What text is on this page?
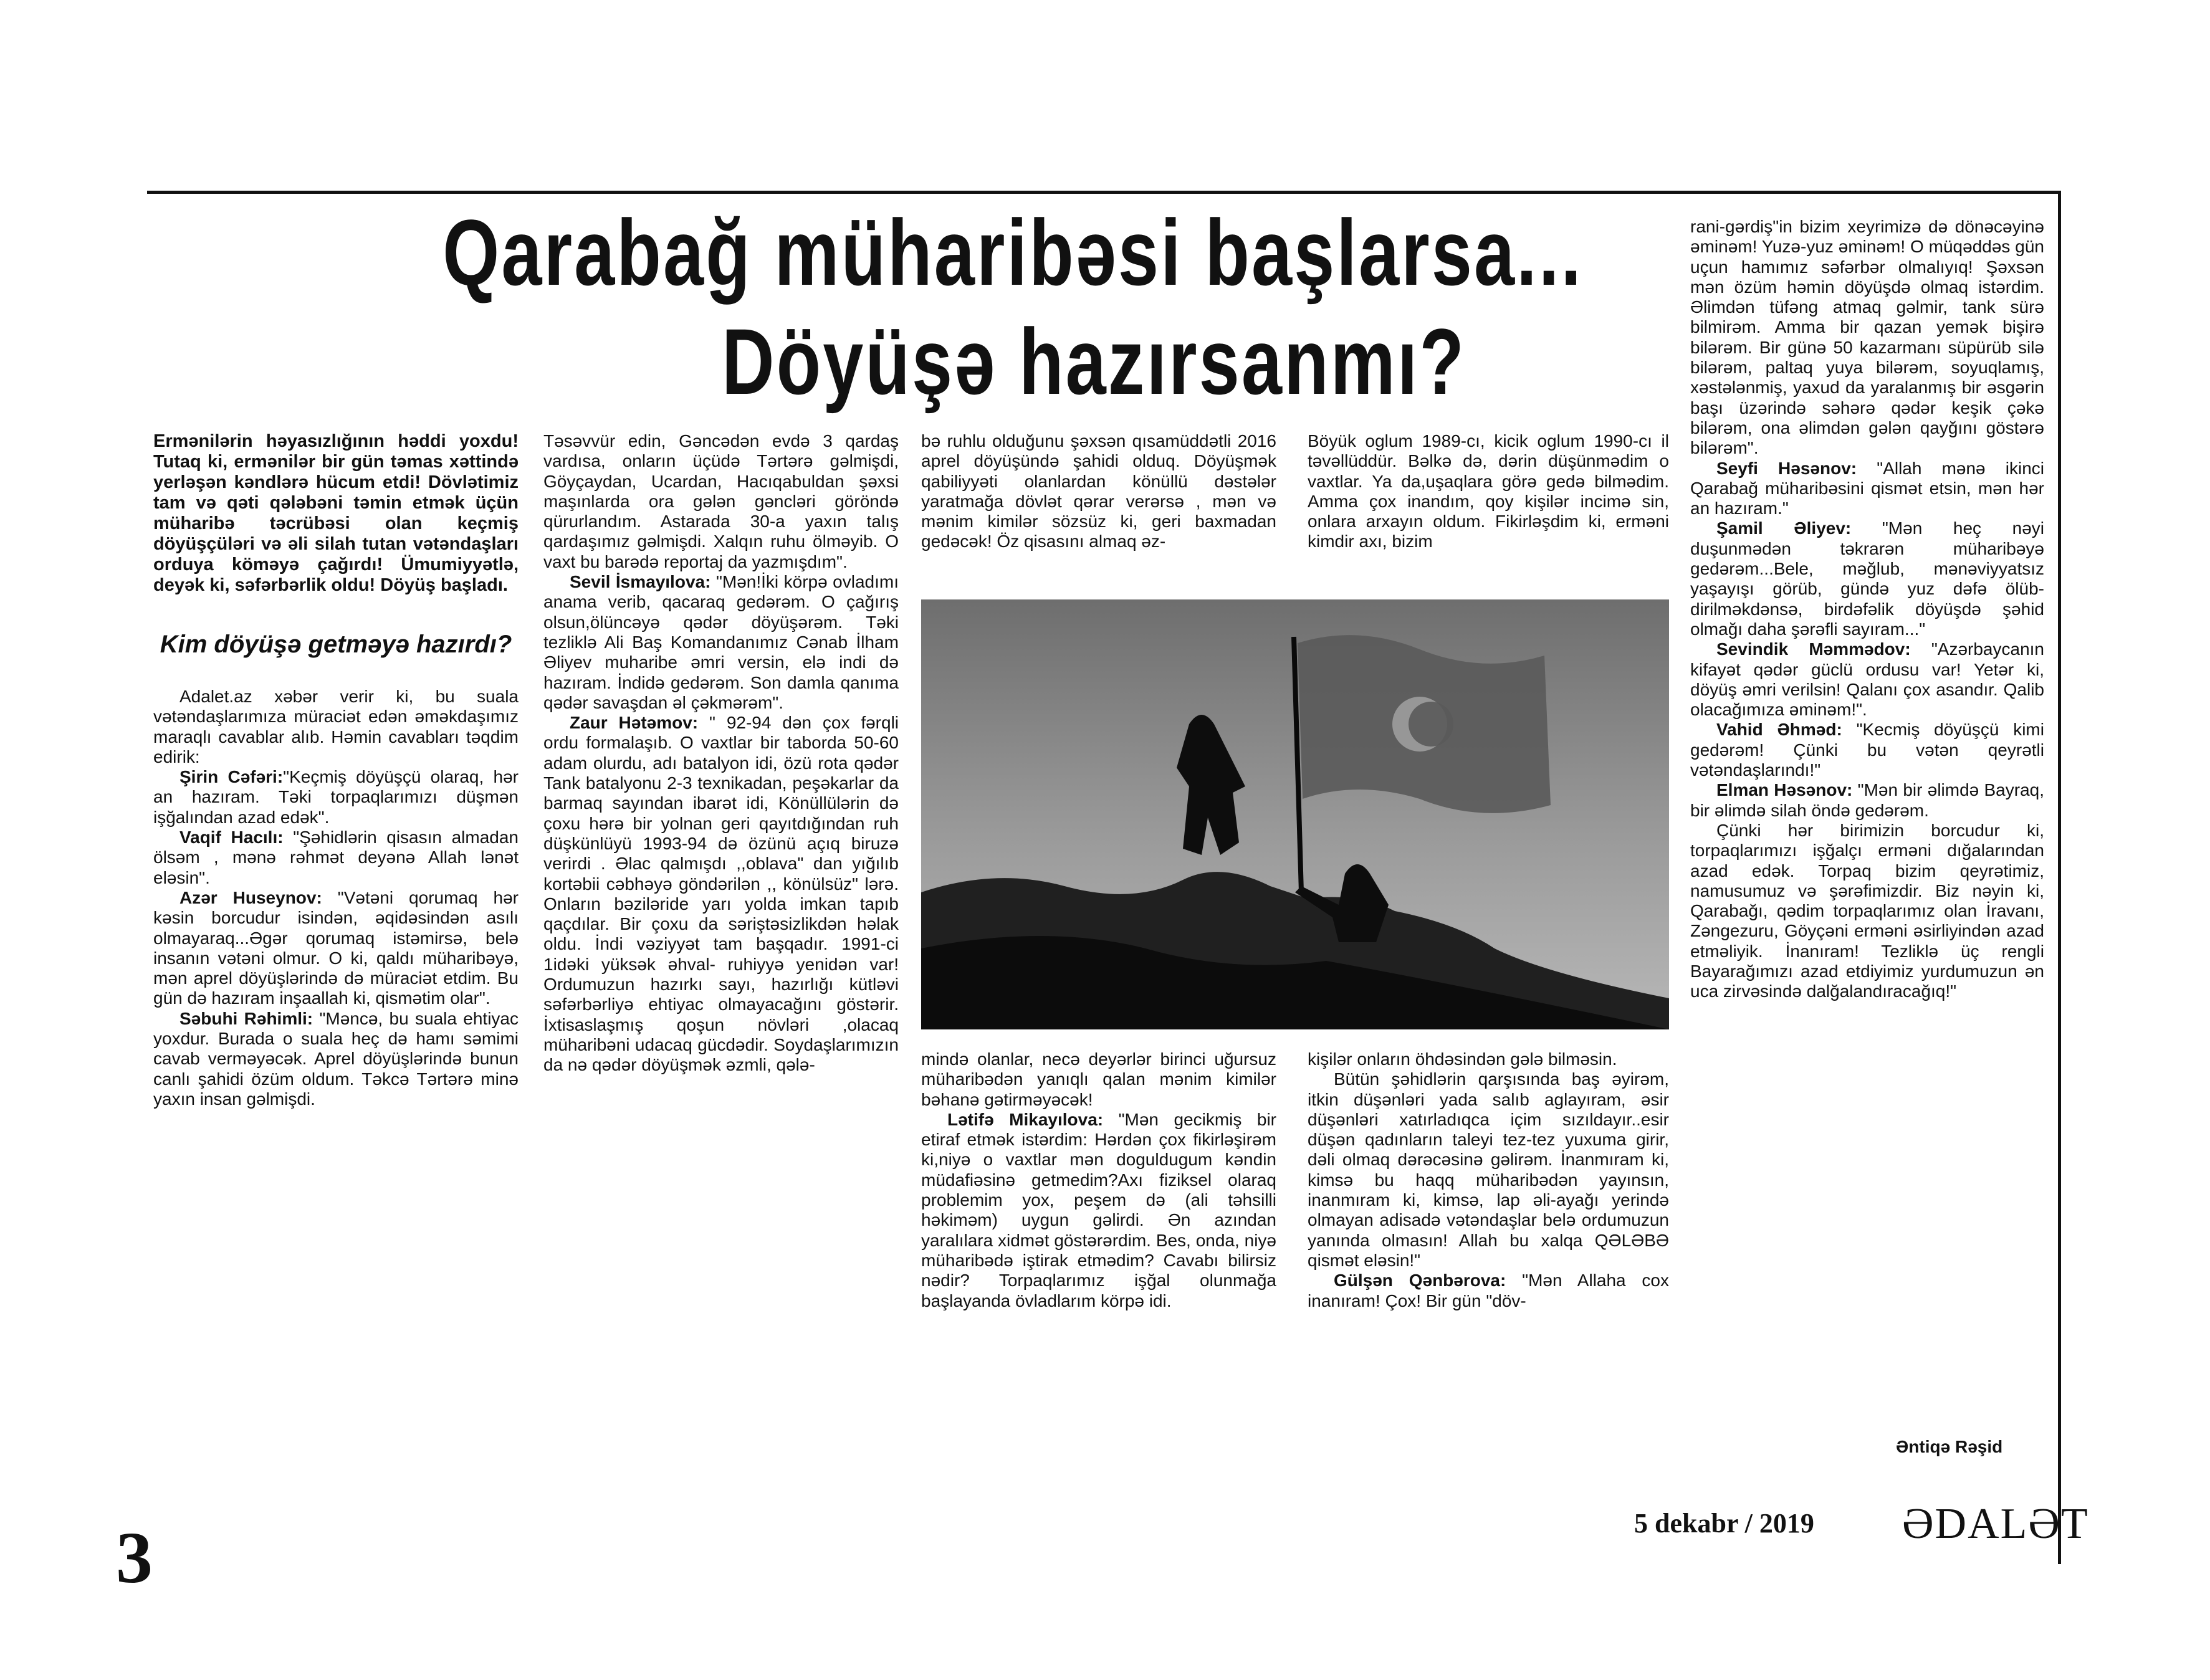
Qarabağ müharibəsi başlarsa...
Döyüşə hazırsanmı?

Ermənilərin həyasızlığının həddi yoxdu! Tutaq ki, ermənilər bir gün təmas xəttində yerləşən kəndlərə hücum etdi! Dövlətimiz tam və qəti qələbəni təmin etmək üçün müharibə təcrübəsi olan keçmiş döyüşçüləri və əli silah tutan vətəndaşları orduya köməyə çağırdı! Ümumiyyətlə, deyək ki, səfərbərlik oldu! Döyüş başladı.

Kim döyüşə getməyə hazırdı?

Adalet.az xəbər verir ki, bu suala vətəndaşlarımıza müraciət edən əməkdaşımız maraqlı cavablar alıb. Həmin cavabları təqdim edirik:

Şirin Cəfəri:"Keçmiş döyüşçü olaraq, hər an hazıram. Təki torpaqlarımızı düşmən işğalından azad edək".

Vaqif Hacılı: "Şəhidlərin qisasın almadan ölsəm , mənə rəhmət deyənə Allah lənət eləsin".

Azər Huseynov: "Vətəni qorumaq hər kəsin borcudur isindən, əqidəsindən asılı olmayaraq...Əgər qorumaq istəmirsə, belə insanın vətəni olmur. O ki, qaldı müharibəyə, mən aprel döyüşlərində də müraciət etdim. Bu gün də hazıram inşaallah ki, qismətim olar".

Səbuhi Rəhimli: "Məncə, bu suala ehtiyac yoxdur. Burada o suala heç də hamı səmimi cavab verməyəcək. Aprel döyüşlərində bunun canlı şahidi özüm oldum. Təkcə Tərtərə minə yaxın insan gəlmişdi.

Təsəvvür edin, Gəncədən evdə 3 qardaş vardısa, onların üçüdə Tərtərə gəlmişdi, Göyçaydan, Ucardan, Hacıqabuldan şəxsi maşınlarda ora gələn gəncləri göröndə qürurlandım. Astarada 30-a yaxın talış qardaşımız gəlmişdi. Xalqın ruhu ölməyib. O vaxt bu barədə reportaj da yazmışdım".

Sevil İsmayılova: "Mən!İki körpə ovladımı anama verib, qacaraq gedərəm. O çağırış olsun,ölüncəyə qədər döyüşərəm. Təki tezliklə Ali Baş Komandanımız Cənab İlham Əliyev muharibe əmri versin, elə indi də hazıram. İndidə gedərəm. Son damla qanıma qədər savaşdan əl çəkmərəm".

Zaur Hətəmov: " 92-94 dən çox fərqli ordu formalaşıb. O vaxtlar bir taborda 50-60 adam olurdu, adı batalyon idi, özü rota qədər Tank batalyonu 2-3 texnikadan, peşəkarlar da barmaq sayından ibarət idi, Könüllülərin də çoxu hərə bir yolnan geri qayıtdığından ruh düşkünlüyü 1993-94 də özünü açıq biruzə verirdi . Əlac qalmışdı ,,oblava" dan yığılıb kortəbii cəbhəyə göndərilən ,, könülsüz" lərə. Onların bəziləride yarı yolda imkan tapıb qaçdılar. Bir çoxu da səriştəsizlikdən həlak oldu. İndi vəziyyət tam başqadır. 1991-ci 1idəki yüksək əhval- ruhiyyə yenidən var! Ordumuzun hazırkı sayı, hazırlığı kütləvi səfərbərliyə ehtiyac olmayacağını göstərir. İxtisaslaşmış qoşun növləri ,olacaq müharibəni udacaq gücdədir. Soydaşlarımızın da nə qədər döyüşmək əzmli, qələ-

bə ruhlu olduğunu şəxsən qısamüddətli 2016 aprel döyüşündə şahidi olduq. Döyüşmək qabiliyyəti olanlardan könüllü dəstələr yaratmağa dövlət qərar verərsə , mən və mənim kimilər sözsüz ki, geri baxmadan gedəcək! Öz qisasını almaq əz-

Böyük oglum 1989-cı, kicik oglum 1990-cı il təvəllüddür. Bəlkə də, dərin düşünmədim o vaxtlar. Ya da,uşaqlara görə gedə bilmədim. Amma çox inandım, qoy kişilər incimə sin, onlara arxayın oldum. Fikirləşdim ki, erməni kimdir axı, bizim

mində olanlar, necə deyərlər birinci uğursuz müharibədən yanıqlı qalan mənim kimilər bəhanə gətirməyəcək!

Lətifə Mikayılova: "Mən gecikmiş bir etiraf etmək istərdim: Hərdən çox fikirləşirəm ki,niyə o vaxtlar mən doguldugum kəndin müdafiəsinə getmedim?Axı fiziksel olaraq problemim yox, peşem də (ali təhsilli həkiməm) uygun gəlirdi. Ən azından yaralılara xidmət göstərərdim. Bes, onda, niyə müharibədə iştirak etmədim? Cavabı bilirsiz nədir? Torpaqlarımız işğal olunmağa başlayanda övladlarım körpə idi.

kişilər onların öhdəsindən gələ bilməsin.

Bütün şəhidlərin qarşısında baş əyirəm, itkin düşənləri yada salıb aglayıram, əsir düşənləri xatırladıqca içim sızıldayır..esir düşən qadınların taleyi tez-tez yuxuma girir, dəli olmaq dərəcəsinə gəlirəm. İnanmıram ki, kimsə bu haqq müharibədən yayınsın, inanmıram ki, kimsə, lap əli-ayağı yerində olmayan adisadə vətəndaşlar belə ordumuzun yanında olmasın! Allah bu xalqa QƏLƏBƏ qismət eləsin!"

Gülşən Qənbərova: "Mən Allaha cox inanıram! Çox! Bir gün "döv-

rani-gərdiş"in bizim xeyrimizə də dönəcəyinə əminəm! Yuzə-yuz əminəm! O müqəddəs gün uçun hamımız səfərbər olmalıyıq! Şəxsən mən özüm həmin döyüşdə olmaq istərdim. Əlimdən tüfəng atmaq gəlmir, tank sürə bilmirəm. Amma bir qazan yemək bişirə bilərəm. Bir günə 50 kazarmanı süpürüb silə bilərəm, paltaq yuya bilərəm, soyuqlamış, xəstələnmiş, yaxud da yaralanmış bir əsgərin başı üzərində səhərə qədər keşik çəkə bilərəm, ona əlimdən gələn qayğını göstərə bilərəm".

Seyfi Həsənov: "Allah mənə ikinci Qarabağ müharibəsini qismət etsin, mən hər an hazıram."

Şamil Əliyev: "Mən heç nəyi duşunmədən təkrarən müharibəyə gedərəm...Bele, məğlub, mənəviyyatsız yaşayışı görüb, gündə yuz dəfə ölüb-dirilməkdənsə, birdəfəlik döyüşdə şəhid olmağı daha şərəfli sayıram..."

Sevindik Məmmədov: "Azərbaycanın kifayət qədər güclü ordusu var! Yetər ki, döyüş əmri verilsin! Qalanı çox asandır. Qalib olacağımıza əminəm!".

Vahid Əhməd: "Kecmiş döyüşçü kimi gedərəm! Çünki bu vətən qeyrətli vətəndaşlarındı!"

Elman Həsənov: "Mən bir əlimdə Bayraq, bir əlimdə silah öndə gedərəm.

Çünki hər birimizin borcudur ki, torpaqlarımızı işğalçı erməni dığalarından azad edək. Torpaq bizim qeyrətimiz, namusumuz və şərəfimizdir. Biz nəyin ki, Qarabağı, qədim torpaqlarımız olan İravanı, Zəngezuru, Göyçəni erməni əsirliyindən azad etməliyik. İnanıram! Tezliklə üç rengli Bayarağımızı azad etdiyimiz yurdumuzun ən uca zirvəsində dalğalandıracağıq!"

Əntiqə Rəşid
3	5 dekabr / 2019 ƏDALƏT
